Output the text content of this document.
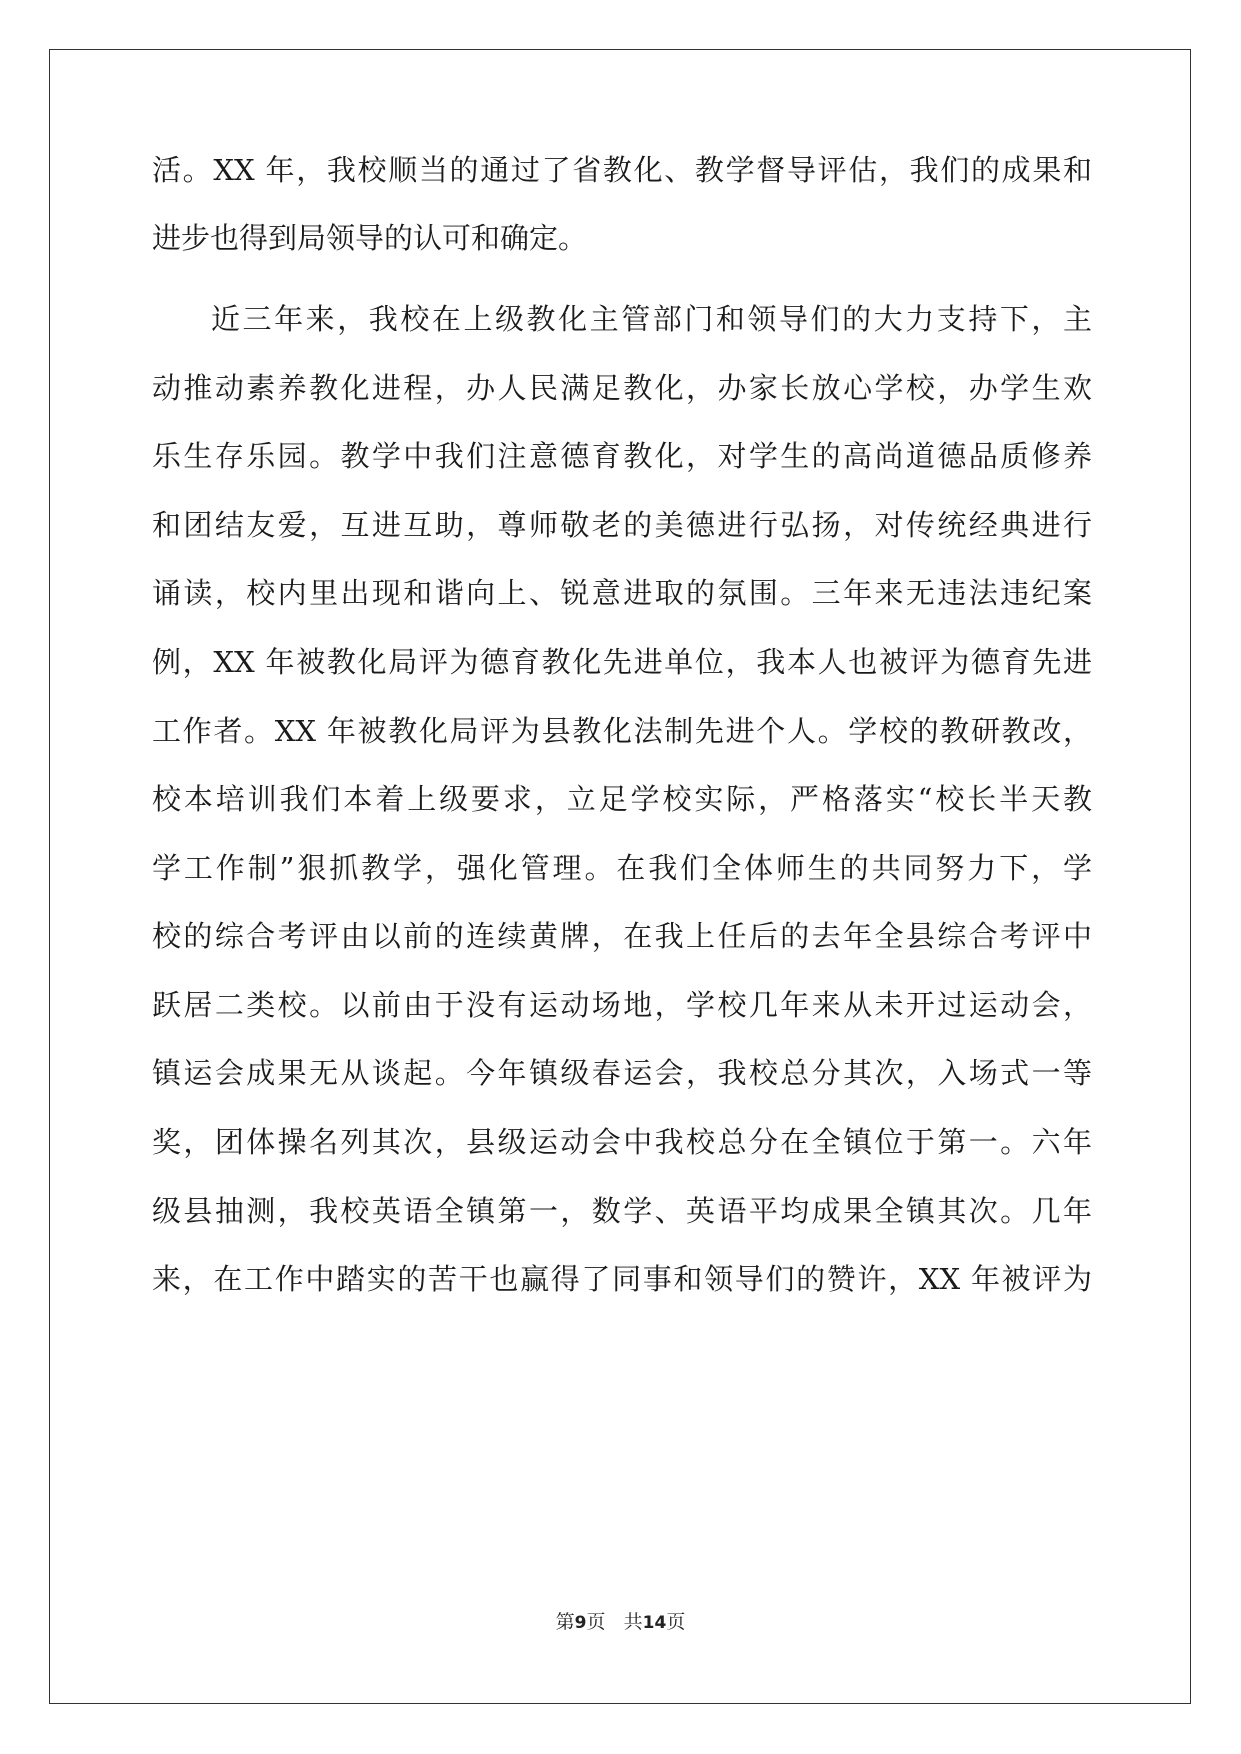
活。XX 年，我校顺当的通过了省教化、教学督导评估，我们的成果和
进步也得到局领导的认可和确定。
近三年来，我校在上级教化主管部门和领导们的大力支持下，主
动推动素养教化进程，办人民满足教化，办家长放心学校，办学生欢
乐生存乐园。教学中我们注意德育教化，对学生的高尚道德品质修养
和团结友爱，互进互助，尊师敬老的美德进行弘扬，对传统经典进行
诵读，校内里出现和谐向上、锐意进取的氛围。三年来无违法违纪案
例，XX 年被教化局评为德育教化先进单位，我本人也被评为德育先进
工作者。XX 年被教化局评为县教化法制先进个人。学校的教研教改，
校本培训我们本着上级要求，立足学校实际，严格落实“校长半天教
学工作制”狠抓教学，强化管理。在我们全体师生的共同努力下，学
校的综合考评由以前的连续黄牌，在我上任后的去年全县综合考评中
跃居二类校。以前由于没有运动场地，学校几年来从未开过运动会，
镇运会成果无从谈起。今年镇级春运会，我校总分其次，入场式一等
奖，团体操名列其次，县级运动会中我校总分在全镇位于第一。六年
级县抽测，我校英语全镇第一，数学、英语平均成果全镇其次。几年
来，在工作中踏实的苦干也赢得了同事和领导们的赞许，XX 年被评为
第9页 共14页
